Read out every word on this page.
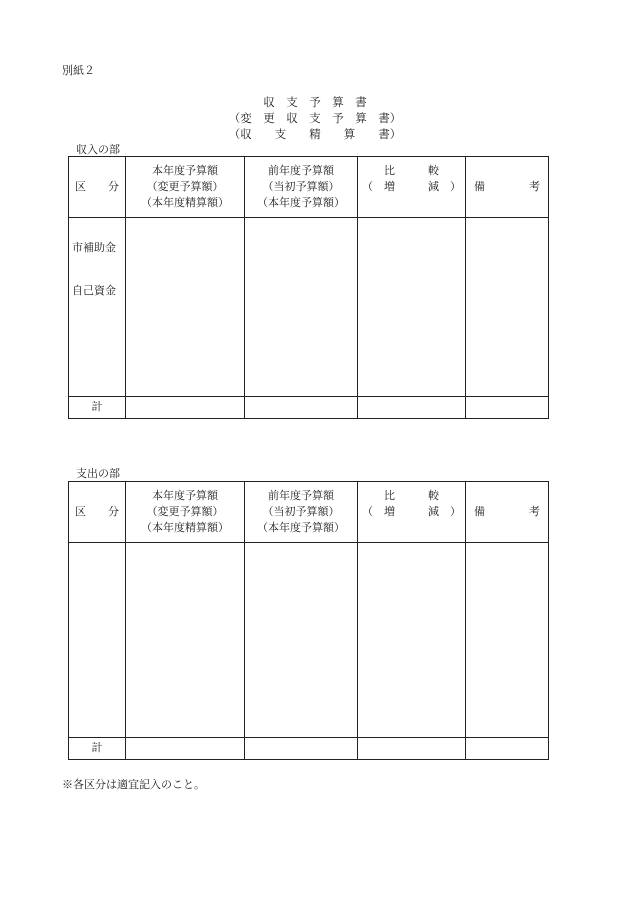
別紙２
収　支　予　算　書
（変　更　収　支　予　算　書）
（収　　支　　精　　算　　書）
収入の部
区　　分
本年度予算額
（変更予算額）
（本年度精算額）
前年度予算額
（当初予算額）
（本年度予算額）
比　　　較
（　増　　　減　）	備　　　　考
市補助金
自己資金
計
支出の部
区　　分
本年度予算額
（変更予算額）
（本年度精算額）
前年度予算額
（当初予算額）
（本年度予算額）
比　　　較
（　増　　　減　）	備　　　　考
計
※各区分は適宜記入のこと。
